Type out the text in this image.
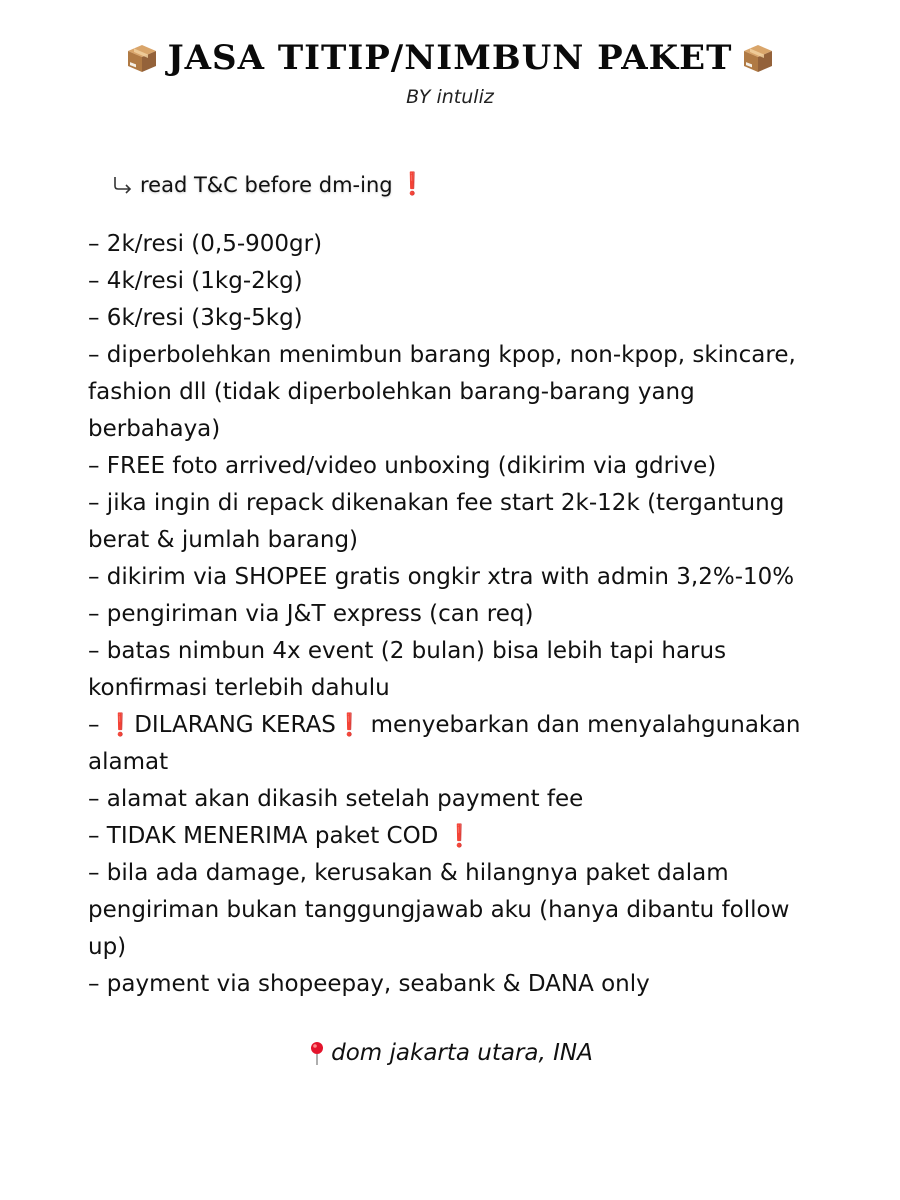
JASA TITIP/NIMBUN PAKET
BY intuliz
read T&C before dm-ing ❗
– 2k/resi (0,5-900gr)
– 4k/resi (1kg-2kg)
– 6k/resi (3kg-5kg)
– diperbolehkan menimbun barang kpop, non-kpop, skincare, fashion dll (tidak diperbolehkan barang-barang yang berbahaya)
– FREE foto arrived/video unboxing (dikirim via gdrive)
– jika ingin di repack dikenakan fee start 2k-12k (tergantung berat & jumlah barang)
– dikirim via SHOPEE gratis ongkir xtra with admin 3,2%-10%
– pengiriman via J&T express (can req)
– batas nimbun 4x event (2 bulan) bisa lebih tapi harus konfirmasi terlebih dahulu
– ❗DILARANG KERAS❗ menyebarkan dan menyalahgunakan alamat
– alamat akan dikasih setelah payment fee
– TIDAK MENERIMA paket COD ❗
– bila ada damage, kerusakan & hilangnya paket dalam pengiriman bukan tanggungjawab aku (hanya dibantu follow up)
– payment via shopeepay, seabank & DANA only
dom jakarta utara, INA
